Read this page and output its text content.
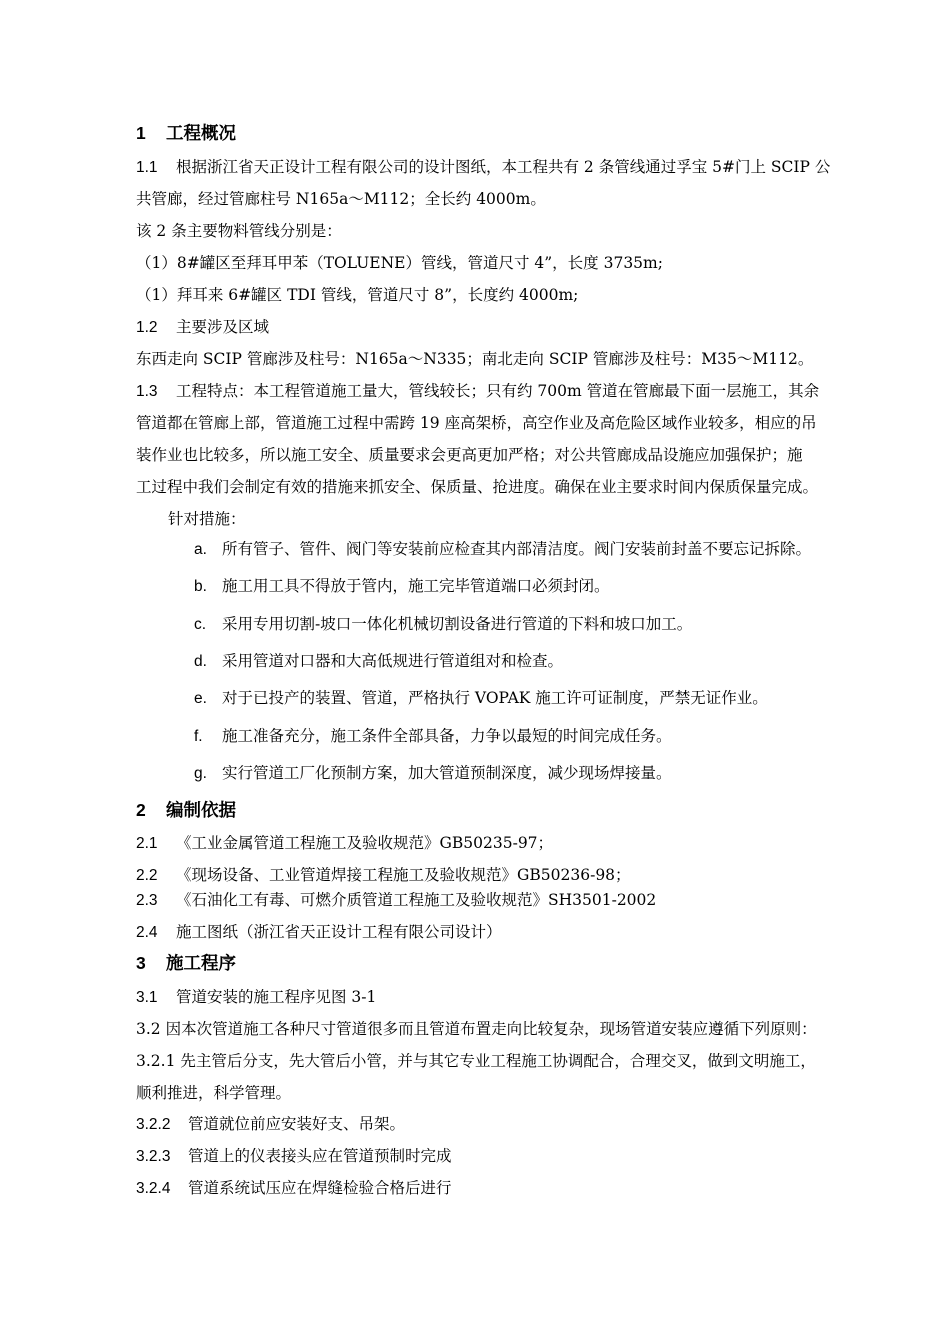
1 工程概况
1.1 根据浙江省天正设计工程有限公司的设计图纸，本工程共有 2 条管线通过孚宝 5#门上 SCIP 公
共管廊，经过管廊柱号 N165a～M112；全长约 4000m。
该 2 条主要物料管线分别是：
（1）8#罐区至拜耳甲苯（TOLUENE）管线，管道尺寸 4”，长度 3735m;
（1）拜耳来 6#罐区 TDI 管线，管道尺寸 8”，长度约 4000m;
1.2 主要涉及区域
东西走向 SCIP 管廊涉及柱号：N165a～N335；南北走向 SCIP 管廊涉及柱号：M35～M112。
1.3 工程特点：本工程管道施工量大，管线较长；只有约 700m 管道在管廊最下面一层施工，其余
管道都在管廊上部，管道施工过程中需跨 19 座高架桥，高空作业及高危险区域作业较多，相应的吊
装作业也比较多，所以施工安全、质量要求会更高更加严格；对公共管廊成品设施应加强保护；施
工过程中我们会制定有效的措施来抓安全、保质量、抢进度。确保在业主要求时间内保质保量完成。
针对措施：
a. 所有管子、管件、阀门等安装前应检查其内部清洁度。阀门安装前封盖不要忘记拆除。
b. 施工用工具不得放于管内，施工完毕管道端口必须封闭。
c. 采用专用切割-坡口一体化机械切割设备进行管道的下料和坡口加工。
d. 采用管道对口器和大高低规进行管道组对和检查。
e. 对于已投产的装置、管道，严格执行 VOPAK 施工许可证制度，严禁无证作业。
f. 施工准备充分，施工条件全部具备，力争以最短的时间完成任务。
g. 实行管道工厂化预制方案，加大管道预制深度，减少现场焊接量。
2 编制依据
2.1 《工业金属管道工程施工及验收规范》GB50235-97；
2.2 《现场设备、工业管道焊接工程施工及验收规范》GB50236-98；
2.3 《石油化工有毒、可燃介质管道工程施工及验收规范》SH3501-2002
2.4 施工图纸（浙江省天正设计工程有限公司设计）
3 施工程序
3.1 管道安装的施工程序见图 3-1
3.2 因本次管道施工各种尺寸管道很多而且管道布置走向比较复杂，现场管道安装应遵循下列原则：
3.2.1 先主管后分支，先大管后小管，并与其它专业工程施工协调配合，合理交叉，做到文明施工，
顺利推进，科学管理。
3.2.2 管道就位前应安装好支、吊架。
3.2.3 管道上的仪表接头应在管道预制时完成
3.2.4 管道系统试压应在焊缝检验合格后进行
